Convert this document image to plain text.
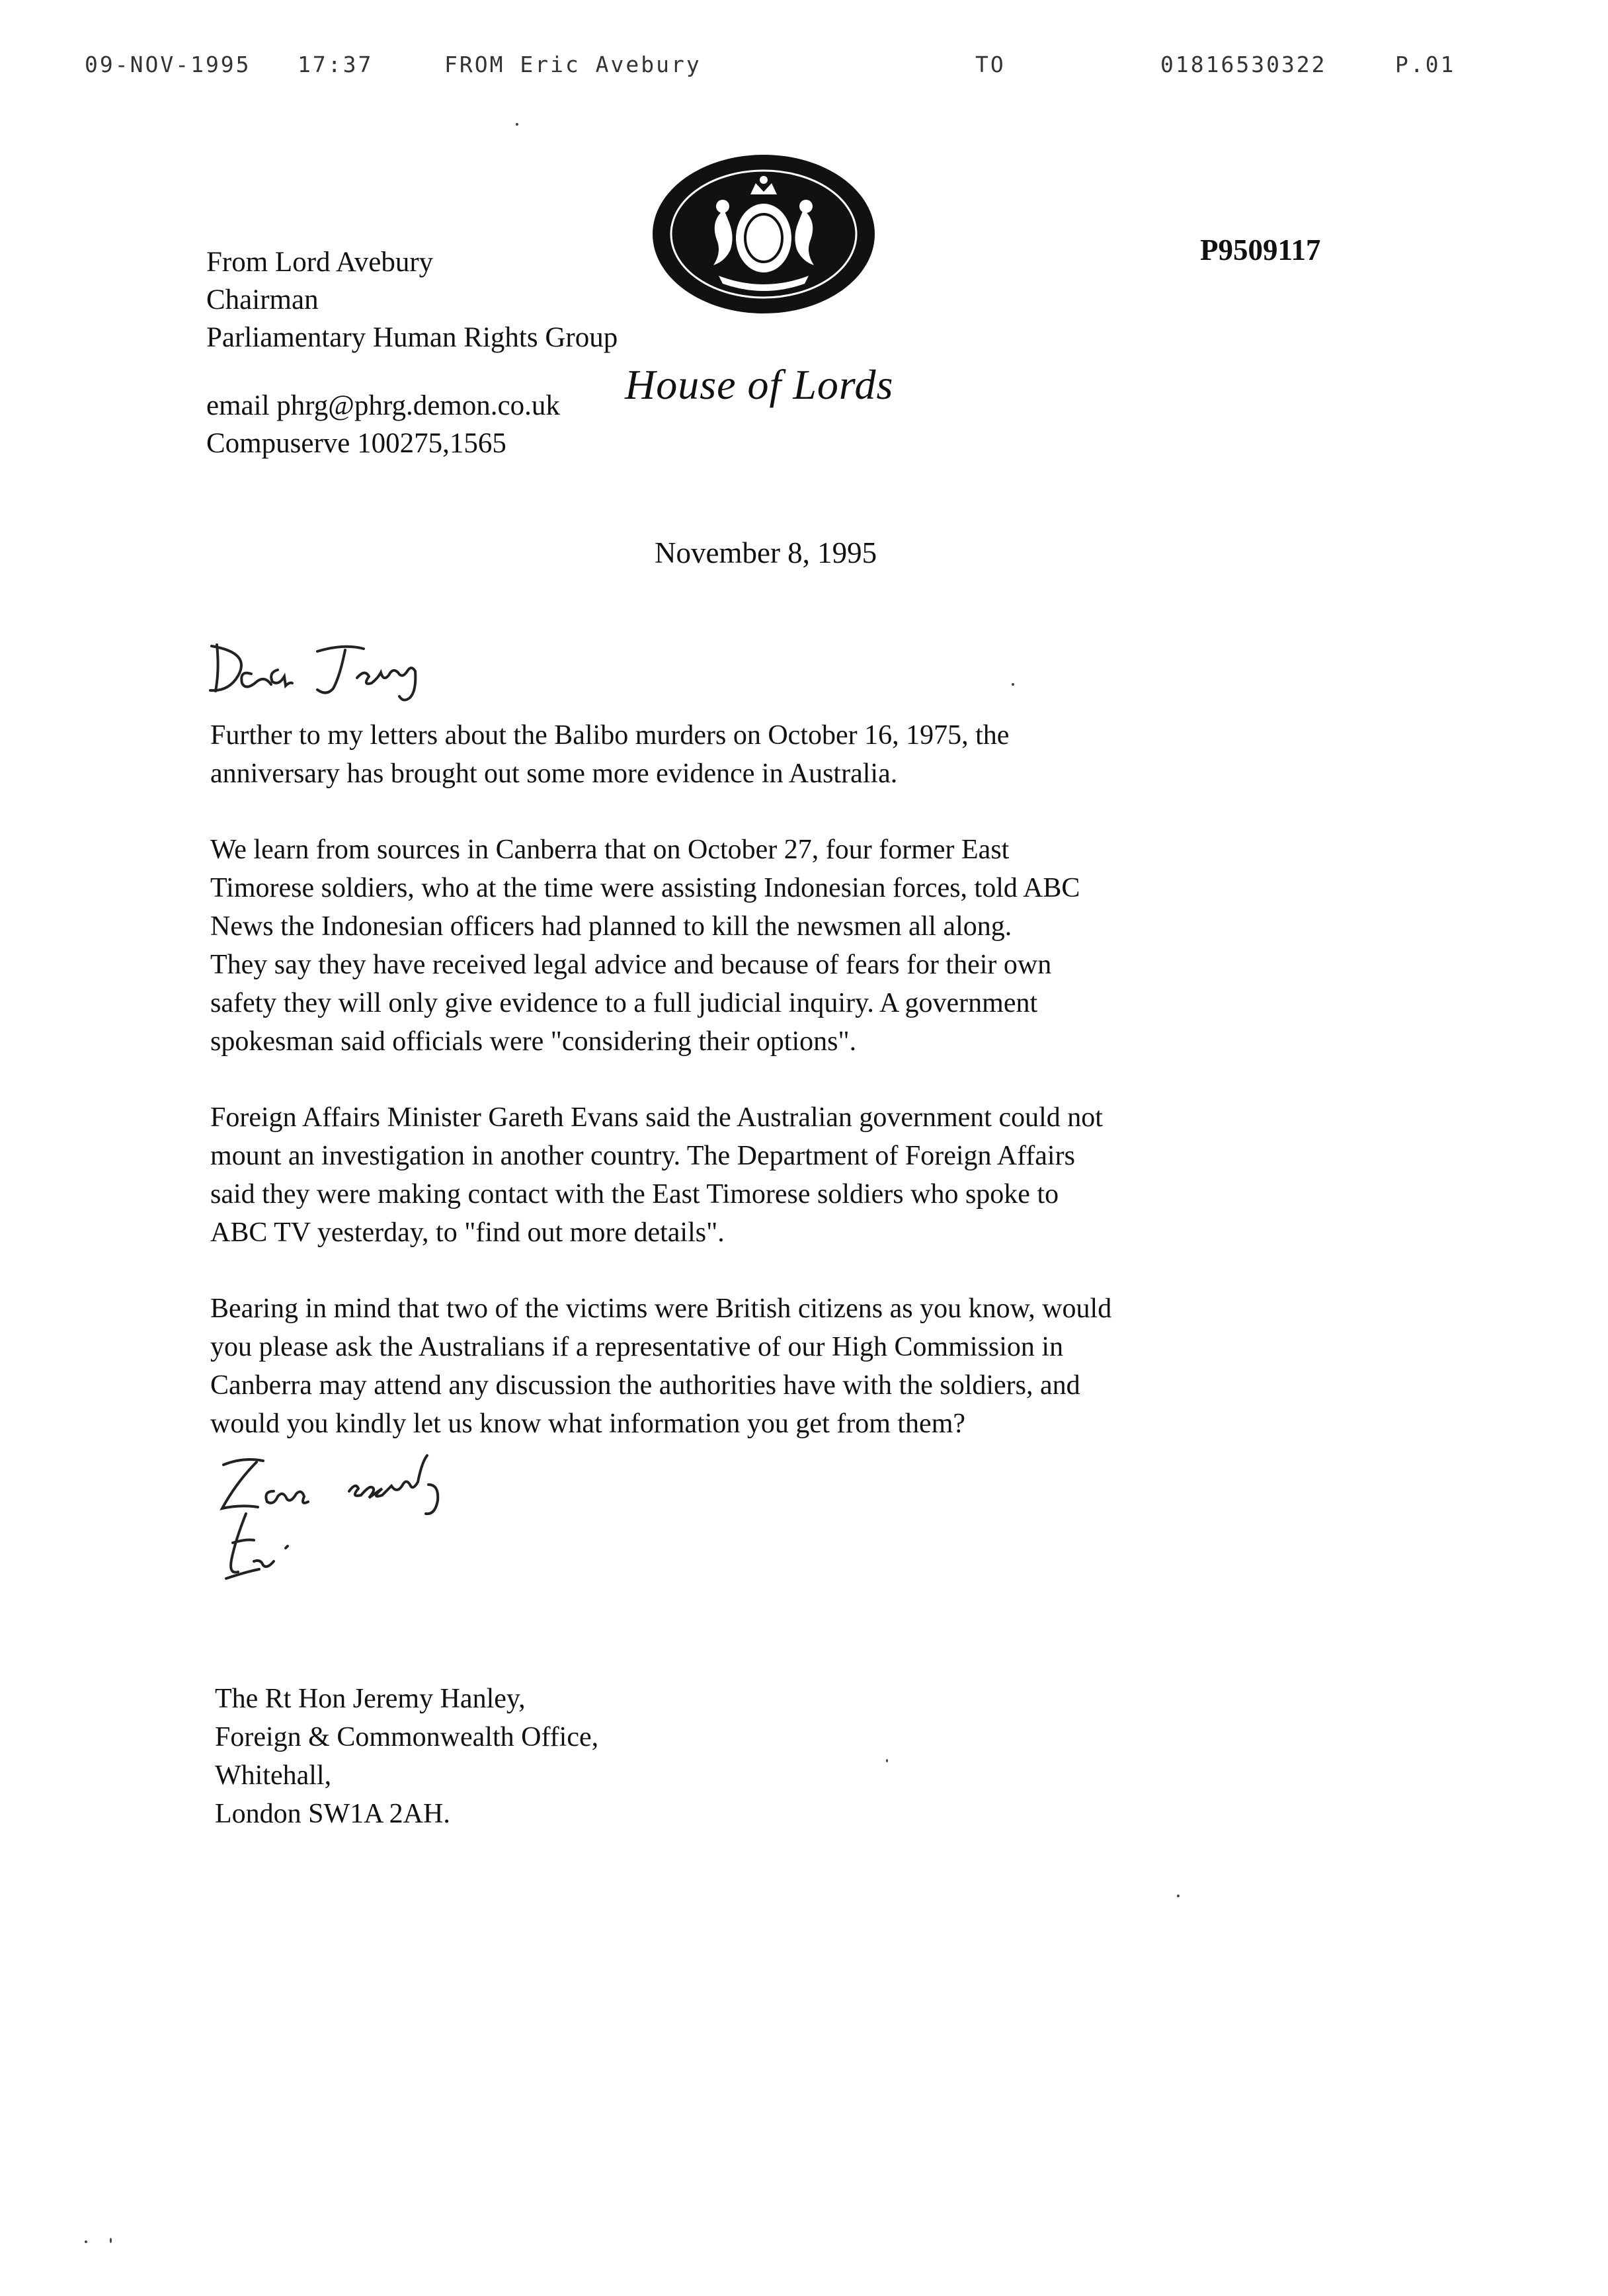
09-NOV-1995 17:37	FROM Eric Avebury	TO	01816530322	P.01
House of Lords
From Lord Avebury
Chairman
Parliamentary Human Rights Group
email phrg@phrg.demon.co.uk
Compuserve 100275,1565
P9509117
November 8, 1995
Further to my letters about the Balibo murders on October 16, 1975, the
anniversary has brought out some more evidence in Australia.
We learn from sources in Canberra that on October 27, four former East
Timorese soldiers, who at the time were assisting Indonesian forces, told ABC
News the Indonesian officers had planned to kill the newsmen all along.
They say they have received legal advice and because of fears for their own
safety they will only give evidence to a full judicial inquiry. A government
spokesman said officials were "considering their options".
Foreign Affairs Minister Gareth Evans said the Australian government could not
mount an investigation in another country. The Department of Foreign Affairs
said they were making contact with the East Timorese soldiers who spoke to
ABC TV yesterday, to "find out more details".
Bearing in mind that two of the victims were British citizens as you know, would
you please ask the Australians if a representative of our High Commission in
Canberra may attend any discussion the authorities have with the soldiers, and
would you kindly let us know what information you get from them?
The Rt Hon Jeremy Hanley,
Foreign & Commonwealth Office,
Whitehall,
London SW1A 2AH.
